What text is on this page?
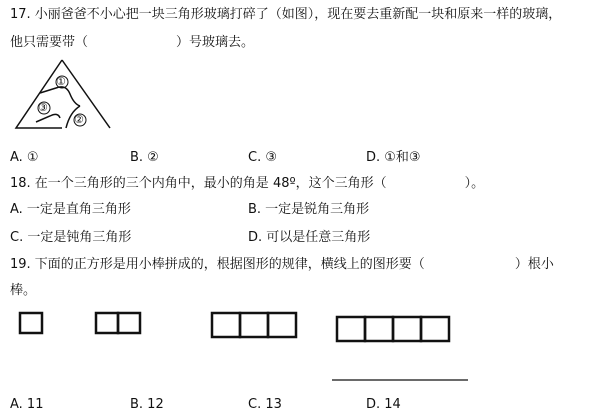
17. 小丽爸爸不小心把一块三角形玻璃打碎了（如图），现在要去重新配一块和原来一样的玻璃，
他只需要带（	）号玻璃去。
①
③
②
A. ①	B. ②	C. ③	D. ①和③
18. 在一个三角形的三个内角中，最小的角是 48º，这个三角形（	）。
A. 一定是直角三角形	B. 一定是锐角三角形
C. 一定是钝角三角形	D. 可以是任意三角形
19. 下面的正方形是用小棒拼成的，根据图形的规律，横线上的图形要（	）根小
棒。
A. 11	B. 12	C. 13	D. 14
